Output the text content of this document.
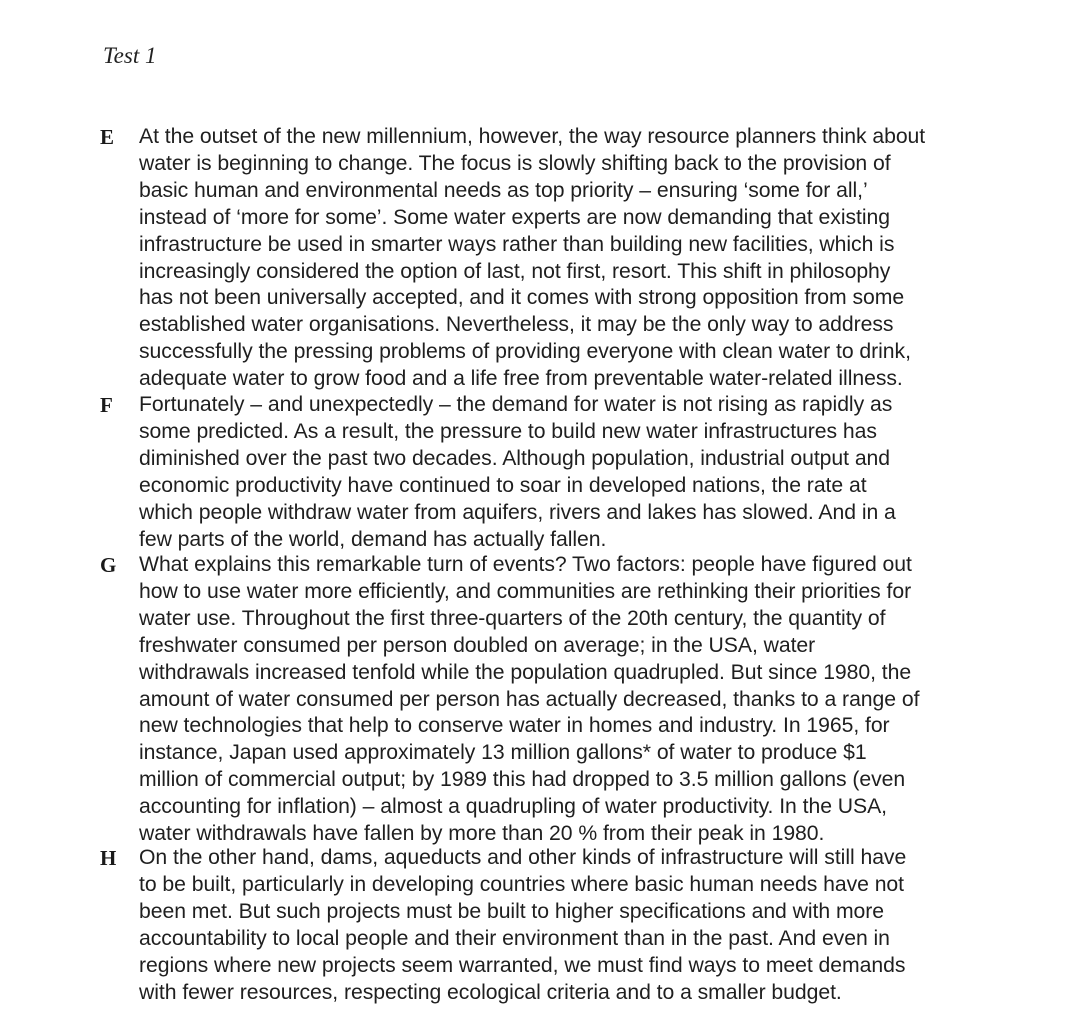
Test 1
E At the outset of the new millennium, however, the way resource planners think about
water is beginning to change. The focus is slowly shifting back to the provision of
basic human and environmental needs as top priority – ensuring ‘some for all,’
instead of ‘more for some’. Some water experts are now demanding that existing
infrastructure be used in smarter ways rather than building new facilities, which is
increasingly considered the option of last, not first, resort. This shift in philosophy
has not been universally accepted, and it comes with strong opposition from some
established water organisations. Nevertheless, it may be the only way to address
successfully the pressing problems of providing everyone with clean water to drink,
adequate water to grow food and a life free from preventable water-related illness.
F Fortunately – and unexpectedly – the demand for water is not rising as rapidly as
some predicted. As a result, the pressure to build new water infrastructures has
diminished over the past two decades. Although population, industrial output and
economic productivity have continued to soar in developed nations, the rate at
which people withdraw water from aquifers, rivers and lakes has slowed. And in a
few parts of the world, demand has actually fallen.
G What explains this remarkable turn of events? Two factors: people have figured out
how to use water more efficiently, and communities are rethinking their priorities for
water use. Throughout the first three-quarters of the 20th century, the quantity of
freshwater consumed per person doubled on average; in the USA, water
withdrawals increased tenfold while the population quadrupled. But since 1980, the
amount of water consumed per person has actually decreased, thanks to a range of
new technologies that help to conserve water in homes and industry. In 1965, for
instance, Japan used approximately 13 million gallons* of water to produce $1
million of commercial output; by 1989 this had dropped to 3.5 million gallons (even
accounting for inflation) – almost a quadrupling of water productivity. In the USA,
water withdrawals have fallen by more than 20 % from their peak in 1980.
H On the other hand, dams, aqueducts and other kinds of infrastructure will still have
to be built, particularly in developing countries where basic human needs have not
been met. But such projects must be built to higher specifications and with more
accountability to local people and their environment than in the past. And even in
regions where new projects seem warranted, we must find ways to meet demands
with fewer resources, respecting ecological criteria and to a smaller budget.
